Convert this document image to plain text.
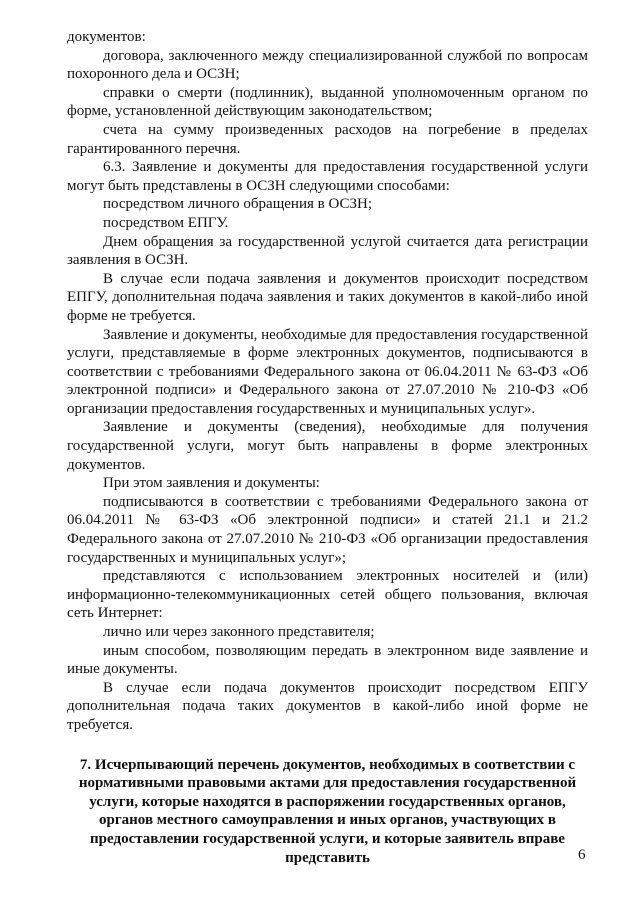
документов:

договора, заключенного между специализированной службой по вопросам похоронного дела и ОСЗН;

справки о смерти (подлинник), выданной уполномоченным органом по форме, установленной действующим законодательством;

счета на сумму произведенных расходов на погребение в пределах гарантированного перечня.

6.3. Заявление и документы для предоставления государственной услуги могут быть представлены в ОСЗН следующими способами:

посредством личного обращения в ОСЗН;

посредством ЕПГУ.

Днем обращения за государственной услугой считается дата регистрации заявления в ОСЗН.

В случае если подача заявления и документов происходит посредством ЕПГУ, дополнительная подача заявления и таких документов в какой-либо иной форме не требуется.

Заявление и документы, необходимые для предоставления государственной услуги, представляемые в форме электронных документов, подписываются в соответствии с требованиями Федерального закона от 06.04.2011 № 63-ФЗ «Об электронной подписи» и Федерального закона от 27.07.2010 № 210-ФЗ «Об организации предоставления государственных и муниципальных услуг».

Заявление и документы (сведения), необходимые для получения государственной услуги, могут быть направлены в форме электронных документов.

При этом заявления и документы:

подписываются в соответствии с требованиями Федерального закона от 06.04.2011 № 63-ФЗ «Об электронной подписи» и статей 21.1 и 21.2 Федерального закона от 27.07.2010 № 210-ФЗ «Об организации предоставления государственных и муниципальных услуг»;

представляются с использованием электронных носителей и (или) информационно-телекоммуникационных сетей общего пользования, включая сеть Интернет:

лично или через законного представителя;

иным способом, позволяющим передать в электронном виде заявление и иные документы.

В случае если подача документов происходит посредством ЕПГУ дополнительная подача таких документов в какой-либо иной форме не требуется.

7. Исчерпывающий перечень документов, необходимых в соответствии с нормативными правовыми актами для предоставления государственной услуги, которые находятся в распоряжении государственных органов, органов местного самоуправления и иных органов, участвующих в предоставлении государственной услуги, и которые заявитель вправе представить	6
